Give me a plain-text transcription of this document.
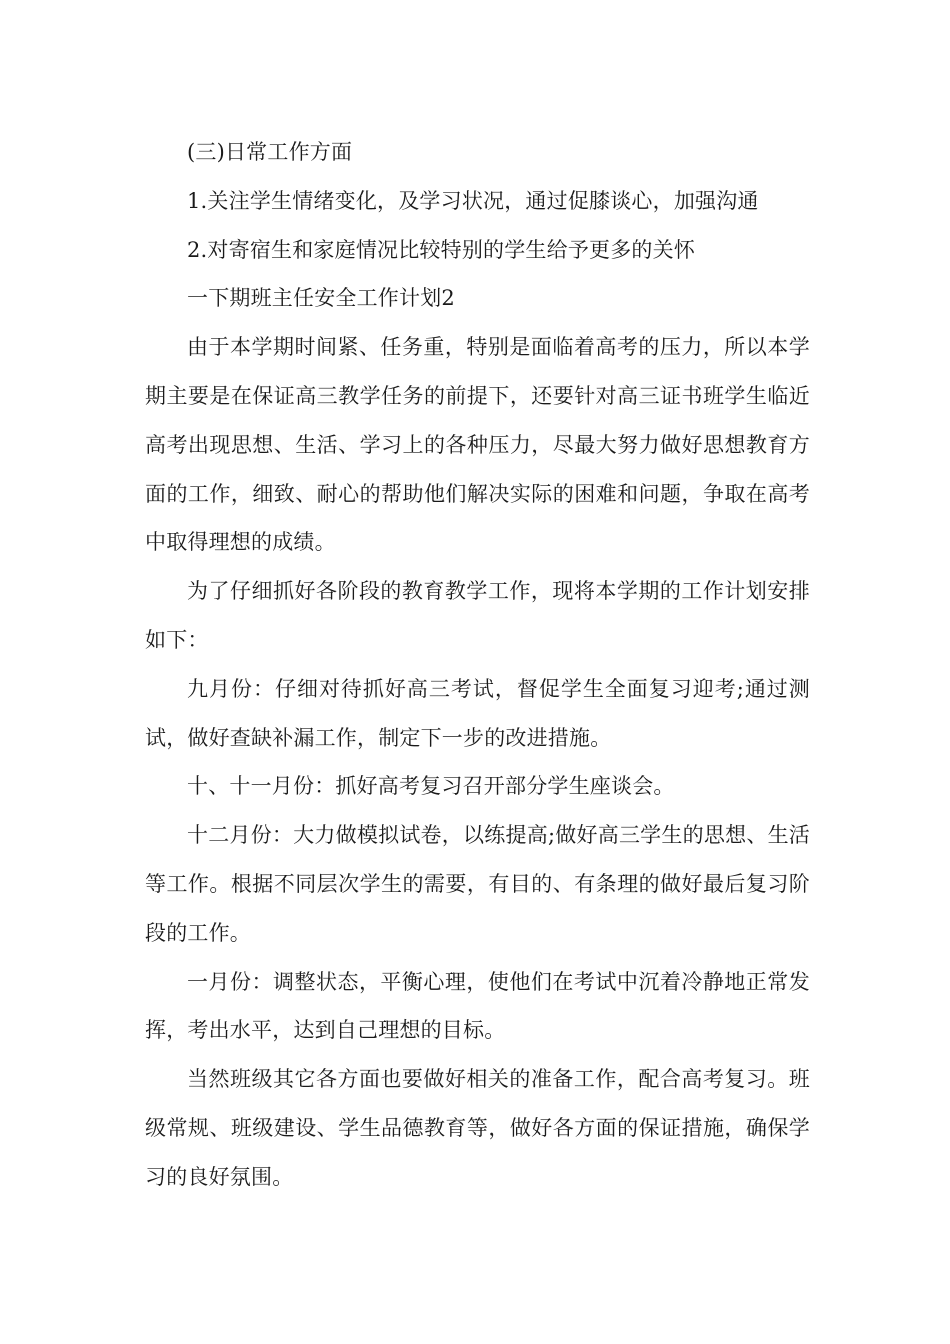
(三)日常工作方面

1.关注学生情绪变化，及学习状况，通过促膝谈心，加强沟通

2.对寄宿生和家庭情况比较特别的学生给予更多的关怀

一下期班主任安全工作计划2

由于本学期时间紧、任务重，特别是面临着高考的压力，所以本学期主要是在保证高三教学任务的前提下，还要针对高三证书班学生临近高考出现思想、生活、学习上的各种压力，尽最大努力做好思想教育方面的工作，细致、耐心的帮助他们解决实际的困难和问题，争取在高考中取得理想的成绩。

为了仔细抓好各阶段的教育教学工作，现将本学期的工作计划安排如下：

九月份：仔细对待抓好高三考试，督促学生全面复习迎考;通过测试，做好查缺补漏工作，制定下一步的改进措施。

十、十一月份：抓好高考复习召开部分学生座谈会。

十二月份：大力做模拟试卷，以练提高;做好高三学生的思想、生活等工作。根据不同层次学生的需要，有目的、有条理的做好最后复习阶段的工作。

一月份：调整状态，平衡心理，使他们在考试中沉着冷静地正常发挥，考出水平，达到自己理想的目标。

当然班级其它各方面也要做好相关的准备工作，配合高考复习。班级常规、班级建设、学生品德教育等，做好各方面的保证措施，确保学习的良好氛围。
